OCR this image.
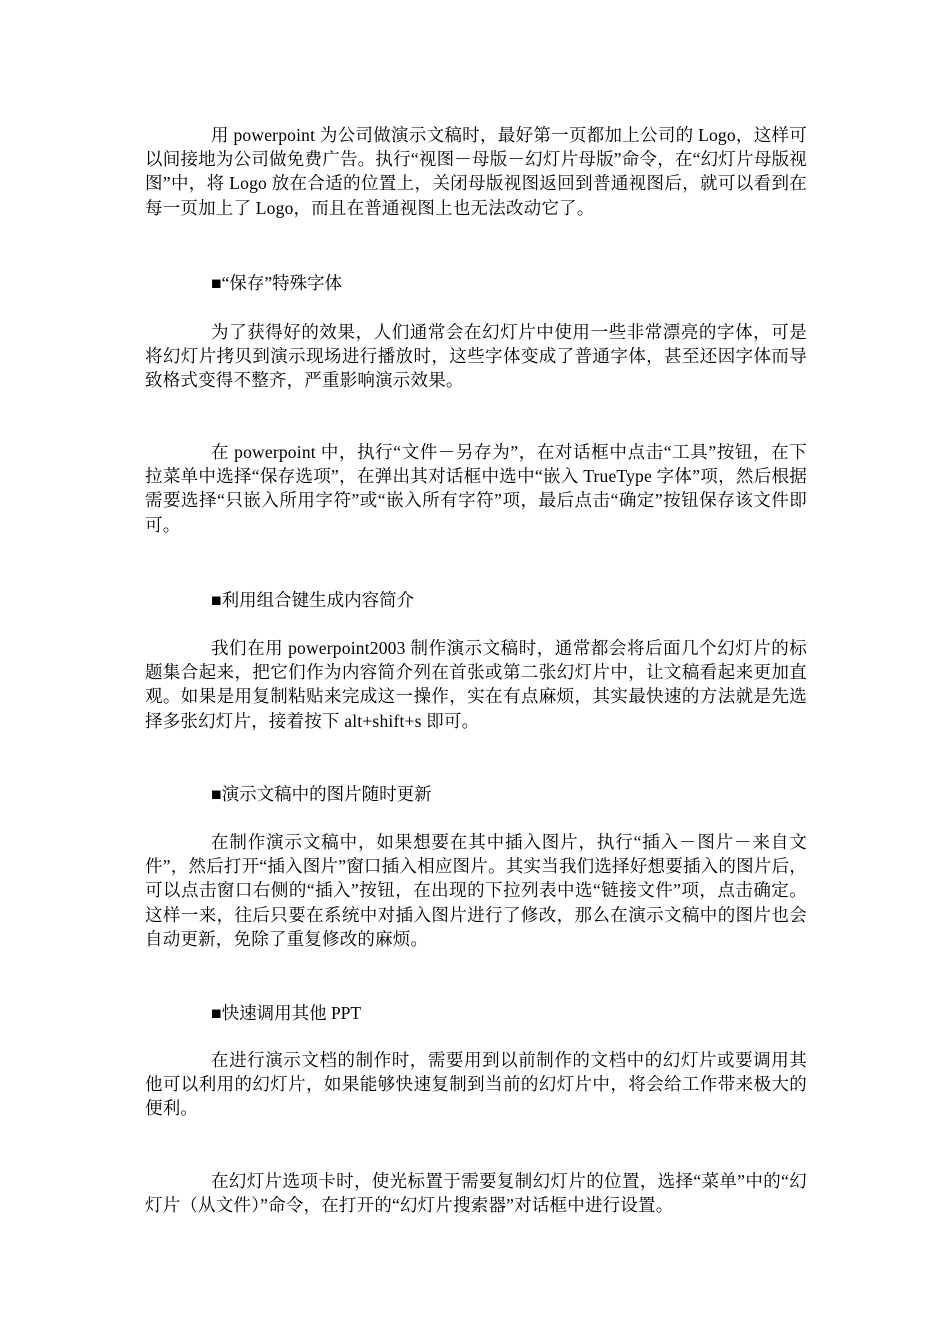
用 powerpoint 为公司做演示文稿时，最好第一页都加上公司的 Logo，这样可以间接地为公司做免费广告。执行“视图－母版－幻灯片母版”命令，在“幻灯片母版视图”中，将 Logo 放在合适的位置上，关闭母版视图返回到普通视图后，就可以看到在每一页加上了 Logo，而且在普通视图上也无法改动它了。

■“保存”特殊字体

为了获得好的效果，人们通常会在幻灯片中使用一些非常漂亮的字体，可是将幻灯片拷贝到演示现场进行播放时，这些字体变成了普通字体，甚至还因字体而导致格式变得不整齐，严重影响演示效果。

在 powerpoint 中，执行“文件－另存为”，在对话框中点击“工具”按钮，在下拉菜单中选择“保存选项”，在弹出其对话框中选中“嵌入 TrueType 字体”项，然后根据需要选择“只嵌入所用字符”或“嵌入所有字符”项，最后点击“确定”按钮保存该文件即可。

■利用组合键生成内容简介

我们在用 powerpoint2003 制作演示文稿时，通常都会将后面几个幻灯片的标题集合起来，把它们作为内容简介列在首张或第二张幻灯片中，让文稿看起来更加直观。如果是用复制粘贴来完成这一操作，实在有点麻烦，其实最快速的方法就是先选择多张幻灯片，接着按下 alt+shift+s 即可。

■演示文稿中的图片随时更新

在制作演示文稿中，如果想要在其中插入图片，执行“插入－图片－来自文件”，然后打开“插入图片”窗口插入相应图片。其实当我们选择好想要插入的图片后，可以点击窗口右侧的“插入”按钮，在出现的下拉列表中选“链接文件”项，点击确定。这样一来，往后只要在系统中对插入图片进行了修改，那么在演示文稿中的图片也会自动更新，免除了重复修改的麻烦。

■快速调用其他 PPT

在进行演示文档的制作时，需要用到以前制作的文档中的幻灯片或要调用其他可以利用的幻灯片，如果能够快速复制到当前的幻灯片中，将会给工作带来极大的便利。

在幻灯片选项卡时，使光标置于需要复制幻灯片的位置，选择“菜单”中的“幻灯片（从文件）”命令，在打开的“幻灯片搜索器”对话框中进行设置。
